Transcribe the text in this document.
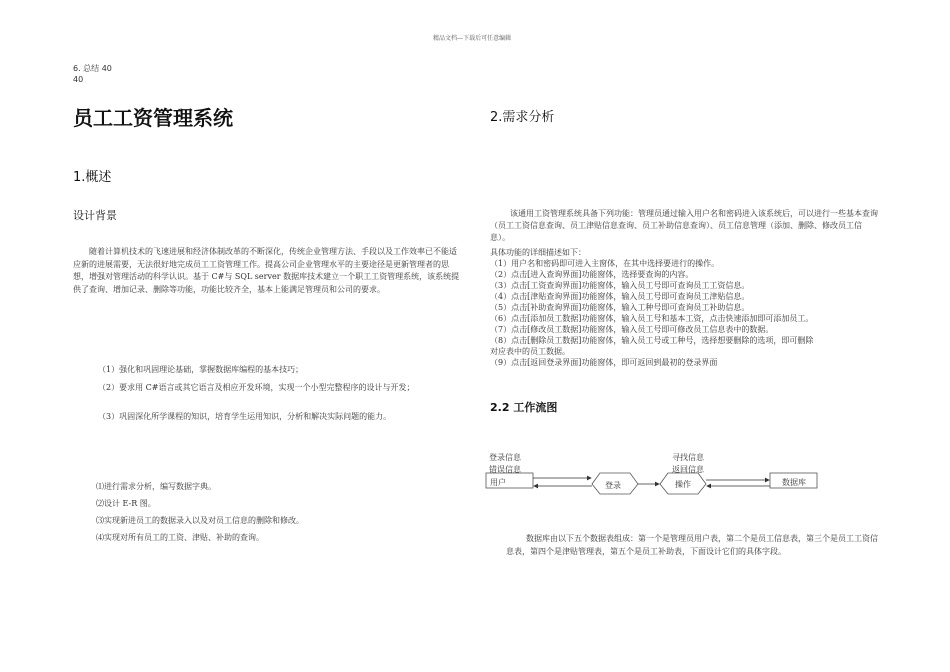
精品文档---下载后可任意编辑
6. 总结 40
40
员工工资管理系统
1.概述
设计背景
随着计算机技术的飞速进展和经济体制改革的不断深化，传统企业管理方法、手段以及工作效率已不能适应新的进展需要，无法很好地完成员工工资管理工作。提高公司企业管理水平的主要途径是更新管理者的思想，增强对管理活动的科学认识。基于 C#与 SQL server 数据库技术建立一个职工工资管理系统，该系统提供了查询、增加记录、删除等功能，功能比较齐全，基本上能满足管理员和公司的要求。
（1）强化和巩固理论基础，掌握数据库编程的基本技巧；
（2）要求用 C#语言或其它语言及相应开发环境，实现一个小型完整程序的设计与开发；
（3）巩固深化所学课程的知识，培育学生运用知识，分析和解决实际问题的能力。
⑴进行需求分析，编写数据字典。
⑵设计 E-R 图。
⑶实现新进员工的数据录入以及对员工信息的删除和修改。
⑷实现对所有员工的工资、津贴、补助的查询。
2.需求分析
该通用工资管理系统具备下列功能：管理员通过输入用户名和密码进入该系统后，可以进行一些基本查询（员工工资信息查询、员工津贴信息查询、员工补助信息查询）、员工信息管理（添加、删除、修改员工信息）。
具体功能的详细描述如下：
（1）用户名和密码即可进入主窗体，在其中选择要进行的操作。
（2）点击[进入查询界面]功能窗体，选择要查询的内容。
（3）点击[工资查询界面]功能窗体，输入员工号即可查询员工工资信息。
（4）点击[津贴查询界面]功能窗体，输入员工号即可查询员工津贴信息。
（5）点击[补助查询界面]功能窗体，输入工种号即可查询员工补助信息。
（6）点击[添加员工数据]功能窗体，输入员工号和基本工资，点击快速添加即可添加员工。
（7）点击[修改员工数据]功能窗体，输入员工号即可修改员工信息表中的数据。
（8）点击[删除员工数据]功能窗体，输入员工号或工种号，选择想要删除的选项，即可删除
对应表中的员工数据。
（9）点击[返回登录界面]功能窗体，即可返回到最初的登录界面
2.2 工作流图
登录信息
错误信息
寻找信息
返回信息
用户	登录	操作	数据库
数据库由以下五个数据表组成：第一个是管理员用户表，第二个是员工信息表，第三个是员工工资信息表，第四个是津贴管理表，第五个是员工补助表，下面设计它们的具体字段。
